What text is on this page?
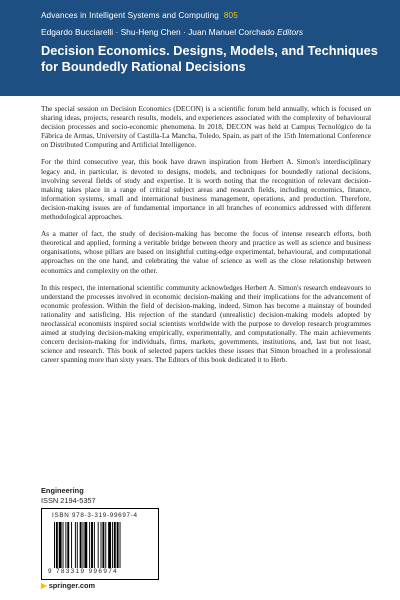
Advances in Intelligent Systems and Computing 805
Edgardo Bucciarelli · Shu-Heng Chen · Juan Manuel Corchado Editors
Decision Economics. Designs, Models, and Techniques for Boundedly Rational Decisions

The special session on Decision Economics (DECON) is a scientific forum held annually, which is focused on sharing ideas, projects, research results, models, and experiences associated with the complexity of behavioural decision processes and socio-economic phenomena. In 2018, DECON was held at Campus Tecnológico de la Fábrica de Armas, University of Castilla-La Mancha, Toledo, Spain, as part of the 15th International Conference on Distributed Computing and Artificial Intelligence.

For the third consecutive year, this book have drawn inspiration from Herbert A. Simon's interdisciplinary legacy and, in particular, is devoted to designs, models, and techniques for boundedly rational decisions, involving several fields of study and expertise. It is worth noting that the recognition of relevant decision-making takes place in a range of critical subject areas and research fields, including economics, finance, information systems, small and international business management, operations, and production. Therefore, decision-making issues are of fundamental importance in all branches of economics addressed with different methodological approaches.

As a matter of fact, the study of decision-making has become the focus of intense research efforts, both theoretical and applied, forming a veritable bridge between theory and practice as well as science and business organisations, whose pillars are based on insightful cutting-edge experimental, behavioural, and computational approaches on the one hand, and celebrating the value of science as well as the close relationship between economics and complexity on the other.

In this respect, the international scientific community acknowledges Herbert A. Simon's research endeavours to understand the processes involved in economic decision-making and their implications for the advancement of economic profession. Within the field of decision-making, indeed, Simon has become a mainstay of bounded rationality and satisficing. His rejection of the standard (unrealistic) decision-making models adopted by neoclassical economists inspired social scientists worldwide with the purpose to develop research programmes aimed at studying decision-making empirically, experimentally, and computationally. The main achievements concern decision-making for individuals, firms, markets, governments, institutions, and, last but not least, science and research. This book of selected papers tackles these issues that Simon broached in a professional career spanning more than sixty years. The Editors of this book dedicated it to Herb.

Engineering
ISSN 2194-5357
ISBN 978-3-319-99697-4
9 783319 996974
▶ springer.com
